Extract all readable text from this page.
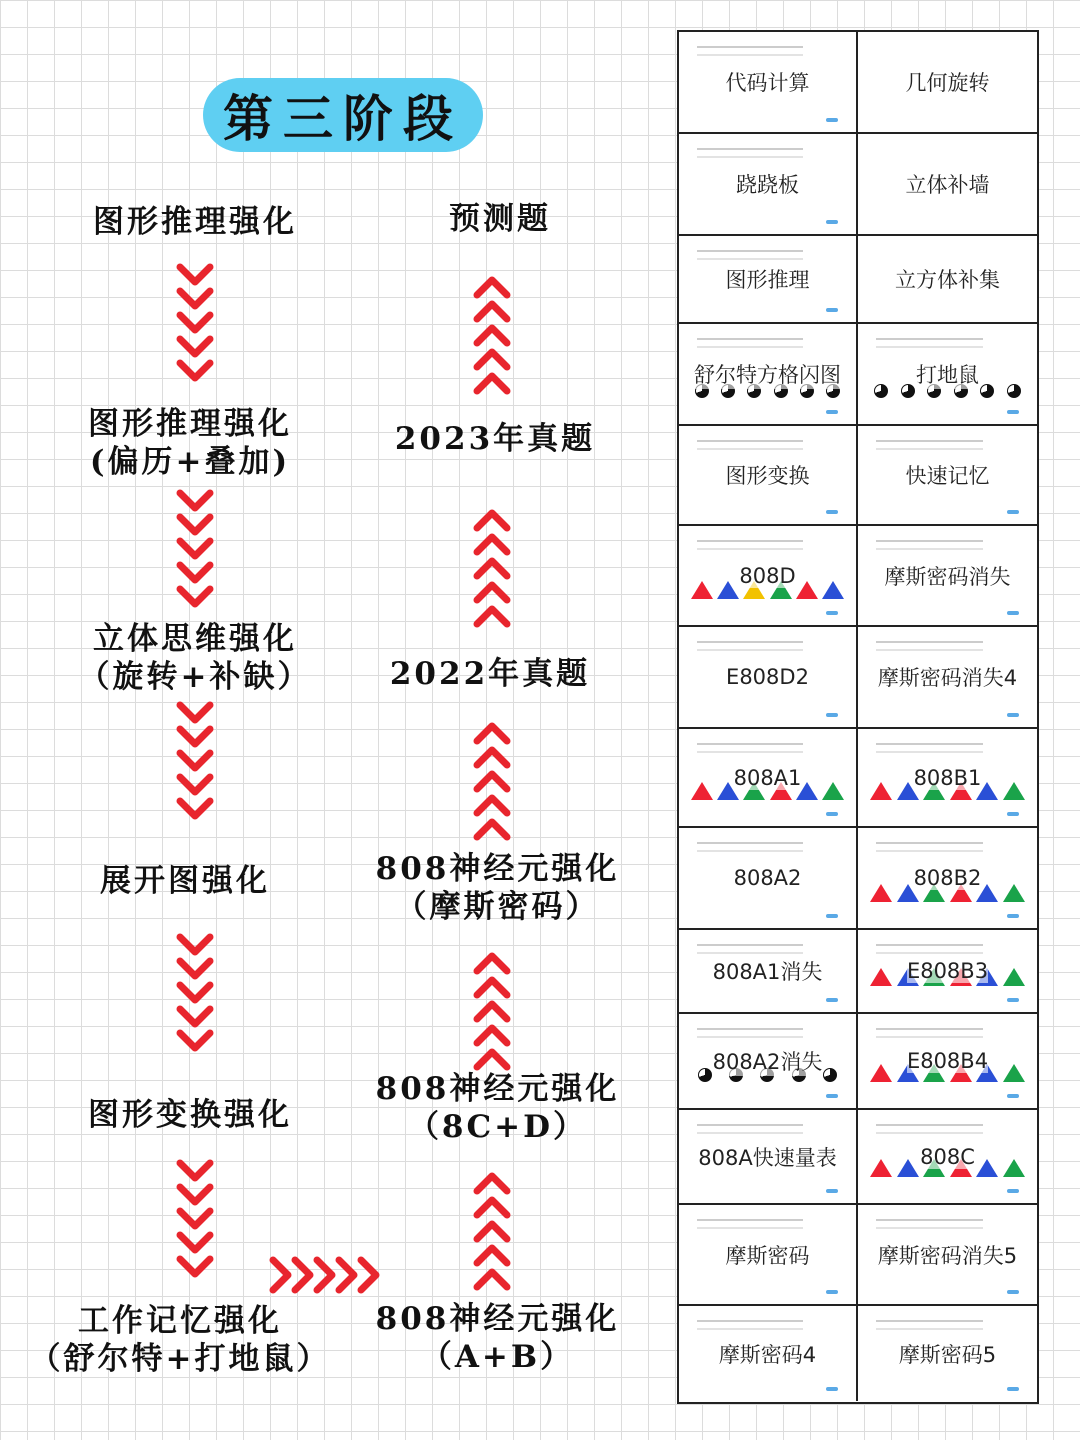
第三阶段
图形推理强化
图形推理强化
(偏历+叠加)
立体思维强化
（旋转+补缺）
展开图强化
图形变换强化
工作记忆强化
（舒尔特+打地鼠）
预测题
2023年真题
2022年真题
808神经元强化
（摩斯密码）
808神经元强化
（8C+D）
808神经元强化
（A+B）
代码计算	几何旋转
跷跷板	立体补墙
图形推理	立方体补集
舒尔特方格闪图	打地鼠
图形变换	快速记忆
808D	摩斯密码消失
E808D2	摩斯密码消失4
808A1	808B1
808A2	808B2
808A1消失	E808B3
808A2消失	E808B4
808A快速量表	808C
摩斯密码	摩斯密码消失5
摩斯密码4	摩斯密码5
